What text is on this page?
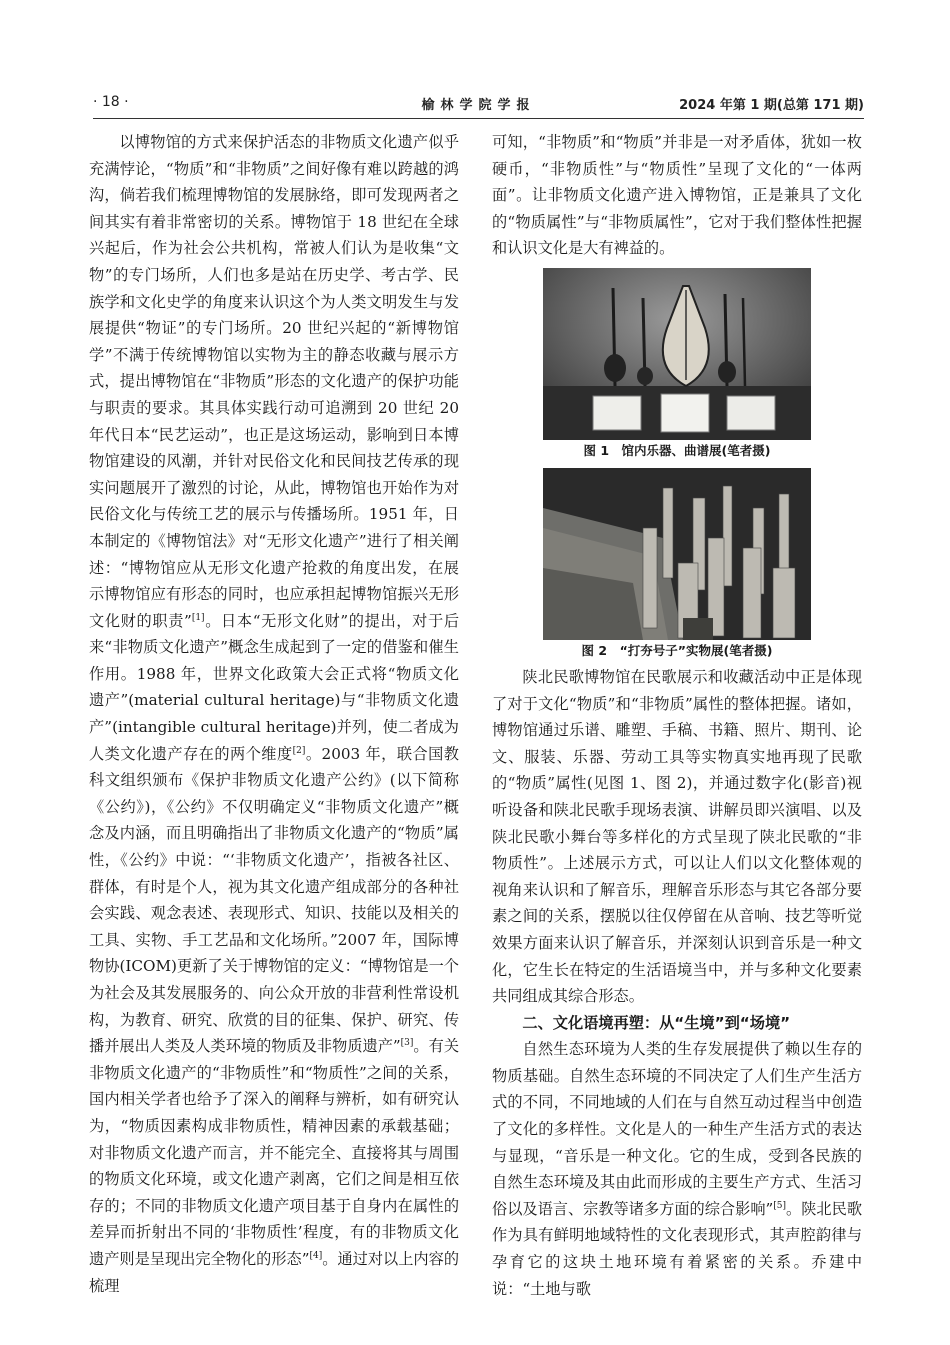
· 18 ·	榆林学院学报	2024 年第 1 期(总第 171 期)

以博物馆的方式来保护活态的非物质文化遗产似乎充满悖论，“物质”和“非物质”之间好像有难以跨越的鸿沟，倘若我们梳理博物馆的发展脉络，即可发现两者之间其实有着非常密切的关系。博物馆于 18 世纪在全球兴起后，作为社会公共机构，常被人们认为是收集“文物”的专门场所，人们也多是站在历史学、考古学、民族学和文化史学的角度来认识这个为人类文明发生与发展提供“物证”的专门场所。20 世纪兴起的“新博物馆学”不满于传统博物馆以实物为主的静态收藏与展示方式，提出博物馆在“非物质”形态的文化遗产的保护功能与职责的要求。其具体实践行动可追溯到 20 世纪 20 年代日本“民艺运动”，也正是这场运动，影响到日本博物馆建设的风潮，并针对民俗文化和民间技艺传承的现实问题展开了激烈的讨论，从此，博物馆也开始作为对民俗文化与传统工艺的展示与传播场所。1951 年，日本制定的《博物馆法》对“无形文化遗产”进行了相关阐述：“博物馆应从无形文化遗产抢救的角度出发，在展示博物馆应有形态的同时，也应承担起博物馆振兴无形文化财的职责”[1]。日本“无形文化财”的提出，对于后来“非物质文化遗产”概念生成起到了一定的借鉴和催生作用。1988 年，世界文化政策大会正式将“物质文化遗产”(material cultural heritage)与“非物质文化遗产”(intangible cultural heritage)并列，使二者成为人类文化遗产存在的两个维度[2]。2003 年，联合国教科文组织颁布《保护非物质文化遗产公约》(以下简称《公约》)，《公约》不仅明确定义“非物质文化遗产”概念及内涵，而且明确指出了非物质文化遗产的“物质”属性，《公约》中说：“‘非物质文化遗产’，指被各社区、群体，有时是个人，视为其文化遗产组成部分的各种社会实践、观念表述、表现形式、知识、技能以及相关的工具、实物、手工艺品和文化场所。”2007 年，国际博物协(ICOM)更新了关于博物馆的定义：“博物馆是一个为社会及其发展服务的、向公众开放的非营利性常设机构，为教育、研究、欣赏的目的征集、保护、研究、传播并展出人类及人类环境的物质及非物质遗产”[3]。有关非物质文化遗产的“非物质性”和“物质性”之间的关系，国内相关学者也给予了深入的阐释与辨析，如有研究认为，“物质因素构成非物质性，精神因素的承载基础；对非物质文化遗产而言，并不能完全、直接将其与周围的物质文化环境，或文化遗产剥离，它们之间是相互依存的；不同的非物质文化遗产项目基于自身内在属性的差异而折射出不同的‘非物质性’程度，有的非物质文化遗产则是呈现出完全物化的形态”[4]。通过对以上内容的梳理

可知，“非物质”和“物质”并非是一对矛盾体，犹如一枚硬币，“非物质性”与“物质性”呈现了文化的“一体两面”。让非物质文化遗产进入博物馆，正是兼具了文化的“物质属性”与“非物质属性”，它对于我们整体性把握和认识文化是大有裨益的。

图 1　馆内乐器、曲谱展(笔者摄)
图 2　“打夯号子”实物展(笔者摄)

陕北民歌博物馆在民歌展示和收藏活动中正是体现了对于文化“物质”和“非物质”属性的整体把握。诸如，博物馆通过乐谱、雕塑、手稿、书籍、照片、期刊、论文、服装、乐器、劳动工具等实物真实地再现了民歌的“物质”属性(见图 1、图 2)，并通过数字化(影音)视听设备和陕北民歌手现场表演、讲解员即兴演唱、以及陕北民歌小舞台等多样化的方式呈现了陕北民歌的“非物质性”。上述展示方式，可以让人们以文化整体观的视角来认识和了解音乐，理解音乐形态与其它各部分要素之间的关系，摆脱以往仅停留在从音响、技艺等听觉效果方面来认识了解音乐，并深刻认识到音乐是一种文化，它生长在特定的生活语境当中，并与多种文化要素共同组成其综合形态。

二、文化语境再塑：从“生境”到“场境”

自然生态环境为人类的生存发展提供了赖以生存的物质基础。自然生态环境的不同决定了人们生产生活方式的不同，不同地域的人们在与自然互动过程当中创造了文化的多样性。文化是人的一种生产生活方式的表达与显现，“音乐是一种文化。它的生成，受到各民族的自然生态环境及其由此而形成的主要生产方式、生活习俗以及语言、宗教等诸多方面的综合影响”[5]。陕北民歌作为具有鲜明地域特性的文化表现形式，其声腔韵律与孕育它的这块土地环境有着紧密的关系。乔建中说：“土地与歌
